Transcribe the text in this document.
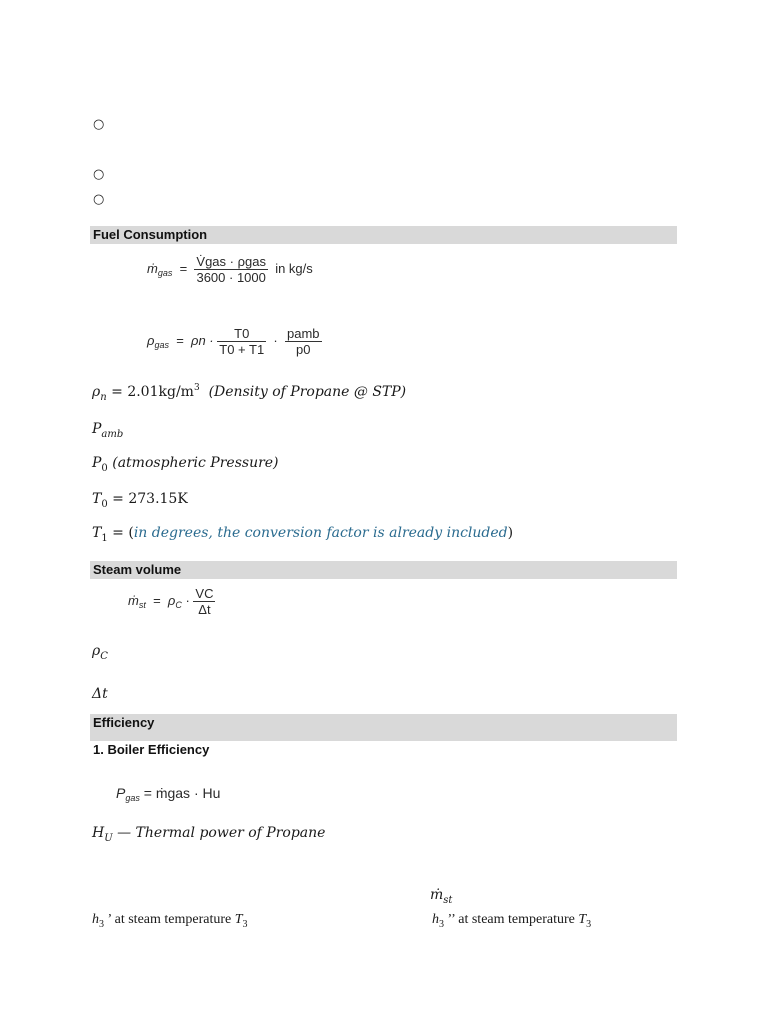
○
○
○
Fuel Consumption
ṁ$_{gas}$  = $\frac{\text{V̇gas · ρgas}}{3600 \cdot 1000}$ in kg/s
$\rho_{gas} = \rho n \cdot \frac{T0}{T0 + T1} \cdot \frac{\text{pamb}}{p0}$
$\rho_n = 2.01kg/m^3$ (Density of Propane @ STP)
$P_{amb}$
$P_0$ (atmospheric Pressure)
$T_0 = 273.15K$
$T_1 = (in$ degrees, the conversion factor is already included)
Steam volume
ṁ$_{st}$  =  $\rho_C \cdot \frac{VC}{\Delta t}$
$\rho_C$
Δt
Efficiency
1. Boiler Efficiency
$P_{gas}$ = ṁgas · Hu
$H_U$ — Thermal power of Propane
ṁ$_{st}$
$h_3$ ’ at steam temperature $T_3$	$h_3$ ’’ at steam temperature $T_3$
